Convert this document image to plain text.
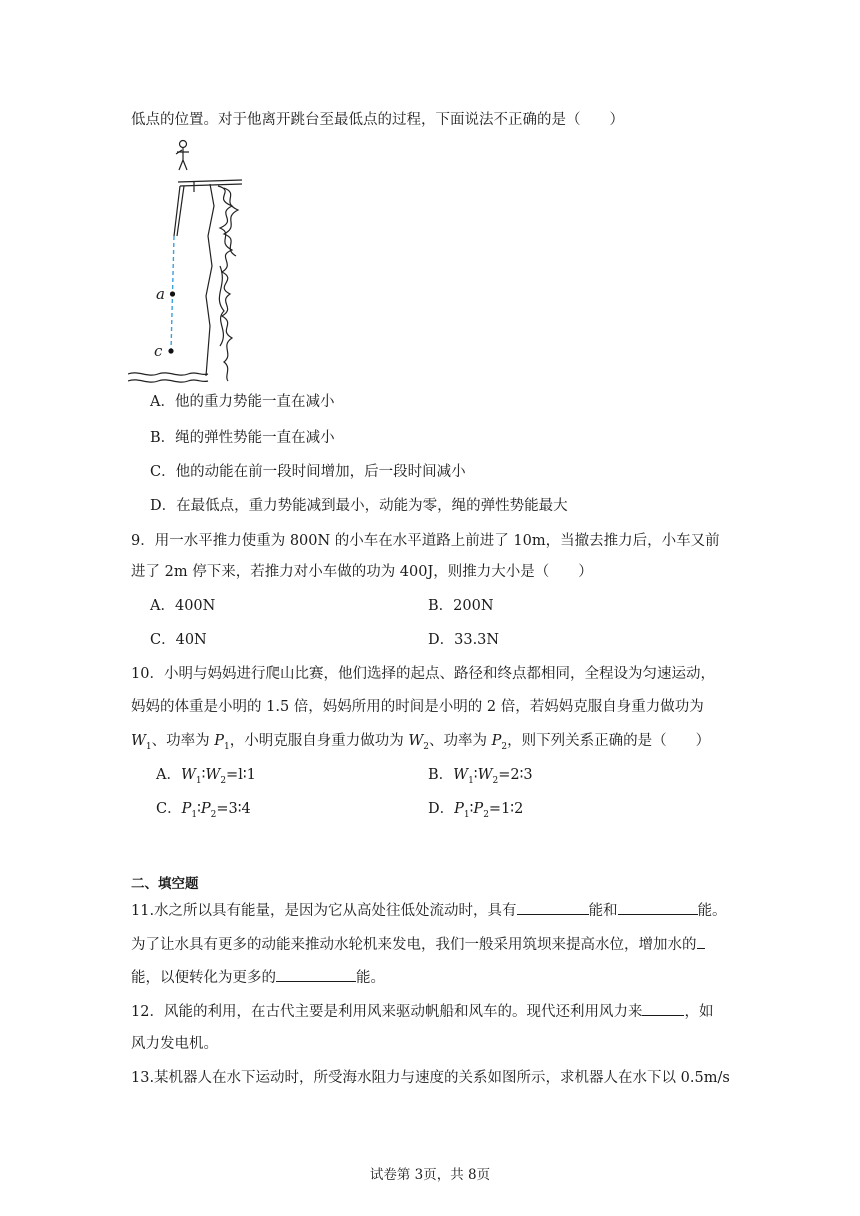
低点的位置。对于他离开跳台至最低点的过程，下面说法不正确的是（　　）
a
c
A．他的重力势能一直在减小
B．绳的弹性势能一直在减小
C．他的动能在前一段时间增加，后一段时间减小
D．在最低点，重力势能减到最小，动能为零，绳的弹性势能最大
9．用一水平推力使重为 800N 的小车在水平道路上前进了 10m，当撤去推力后，小车又前
进了 2m 停下来，若推力对小车做的功为 400J，则推力大小是（　　）
A．400N	B．200N
C．40N	D．33.3N
10．小明与妈妈进行爬山比赛，他们选择的起点、路径和终点都相同，全程设为匀速运动，
妈妈的体重是小明的 1.5 倍，妈妈所用的时间是小明的 2 倍，若妈妈克服自身重力做功为
$W_1$、功率为 $P_1$，小明克服自身重力做功为 $W_2$、功率为 $P_2$，则下列关系正确的是（　　）
A．$W_1∶W_2=l∶1$	B．$W_1∶W_2=2∶3$
C．$P_1∶P_2=3∶4$	D．$P_1∶P_2=1∶2$
二、填空题
11.水之所以具有能量，是因为它从高处往低处流动时，具有	能和	能。
为了让水具有更多的动能来推动水轮机来发电，我们一般采用筑坝来提高水位，增加水的
能，以便转化为更多的	能。
12．风能的利用，在古代主要是利用风来驱动帆船和风车的。现代还利用风力来	，如
风力发电机。
13.某机器人在水下运动时，所受海水阻力与速度的关系如图所示，求机器人在水下以 0.5m/s
试卷第 3页，共 8页
